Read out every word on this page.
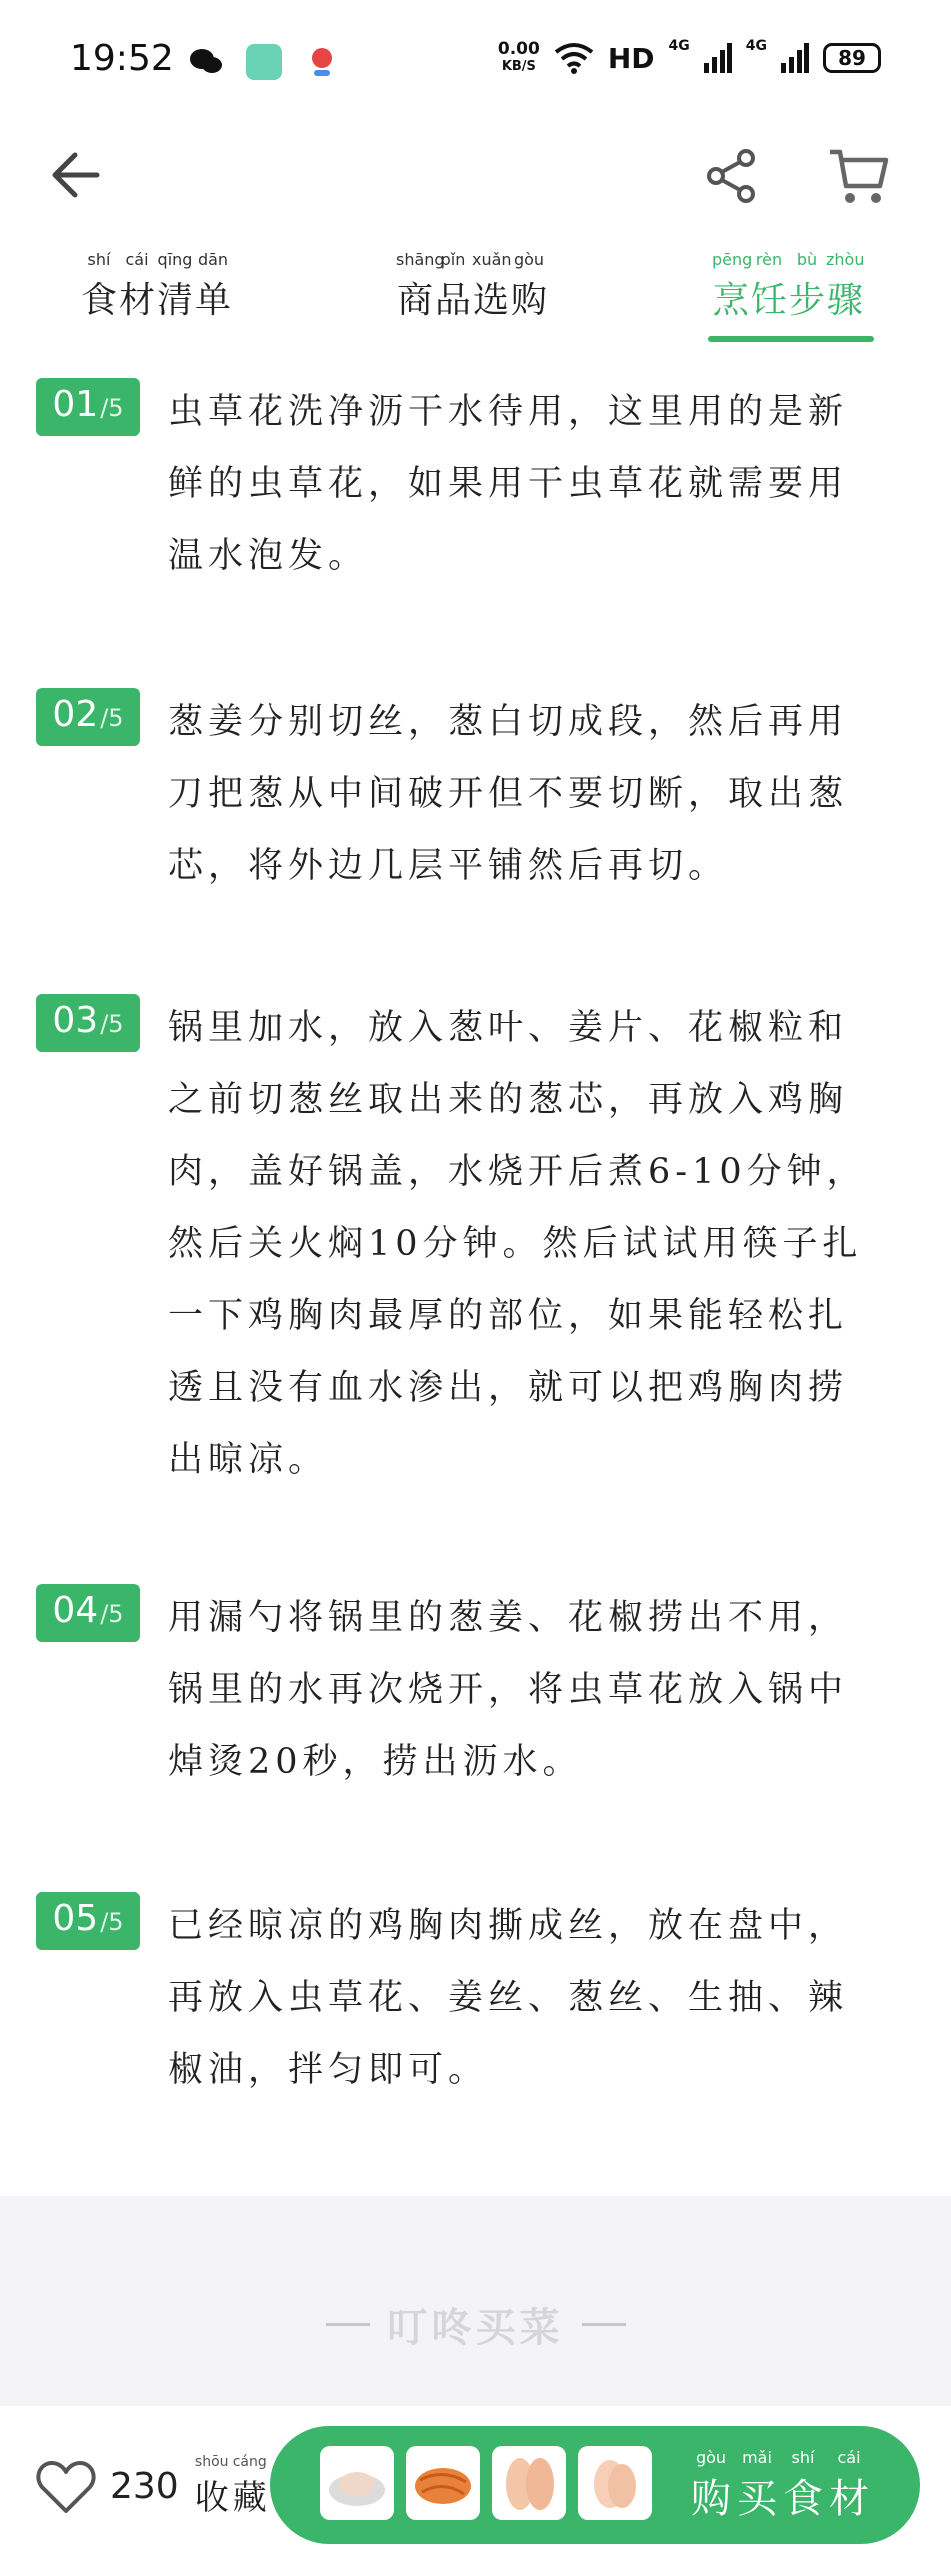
19:52	0.00
KB/S	HD 4G	4G	89
shí cái qīng dān
食 材 清 单
shāng
pǐn xuǎn gòu
商 品 选 购
pēng rèn bù zhòu
烹 饪 步 骤
01 /5 虫草花洗净沥干水待用，这里用的是新鲜的虫草花，如果用干虫草花就需要用温水泡发。
02 /5 葱姜分别切丝，葱白切成段，然后再用刀把葱从中间破开但不要切断，取出葱芯，将外边几层平铺然后再切。
03 /5 锅里加水，放入葱叶、姜片、花椒粒和之前切葱丝取出来的葱芯，再放入鸡胸肉，盖好锅盖，水烧开后煮6-10分钟，然后关火焖10分钟。然后试试用筷子扎一下鸡胸肉最厚的部位，如果能轻松扎透且没有血水渗出，就可以把鸡胸肉捞出晾凉。
04 /5 用漏勺将锅里的葱姜、花椒捞出不用，锅里的水再次烧开，将虫草花放入锅中焯烫20秒，捞出沥水。
05 /5 已经晾凉的鸡胸肉撕成丝，放在盘中，再放入虫草花、姜丝、葱丝、生抽、辣椒油，拌匀即可。
叮咚买菜
230
shōu cáng
收 藏
gòu	mǎi	shí	cái
购 买 食 材
